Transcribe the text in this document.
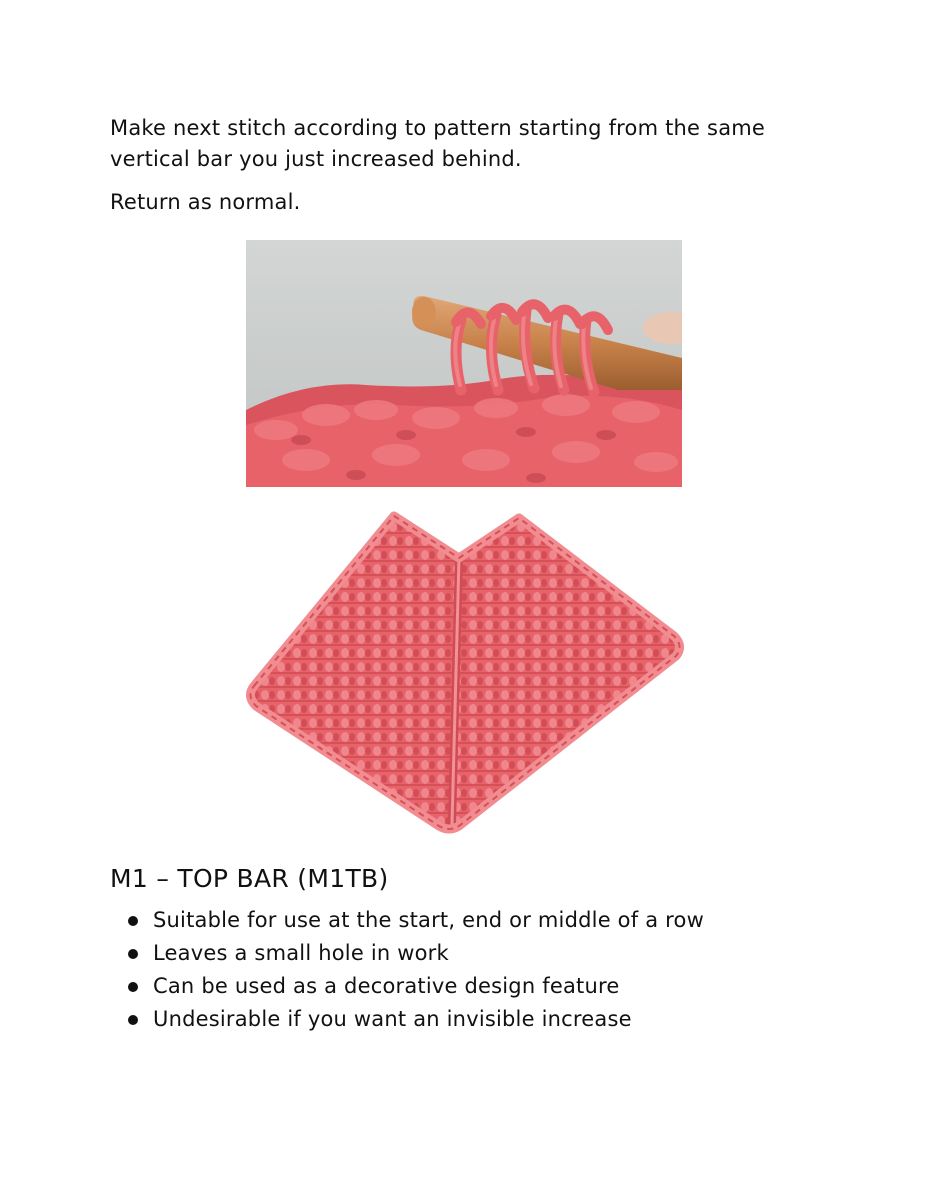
Make next stitch according to pattern starting from the same vertical bar you just increased behind.

Return as normal.

M1 – TOP BAR (M1TB)
Suitable for use at the start, end or middle of a row
Leaves a small hole in work
Can be used as a decorative design feature
Undesirable if you want an invisible increase
